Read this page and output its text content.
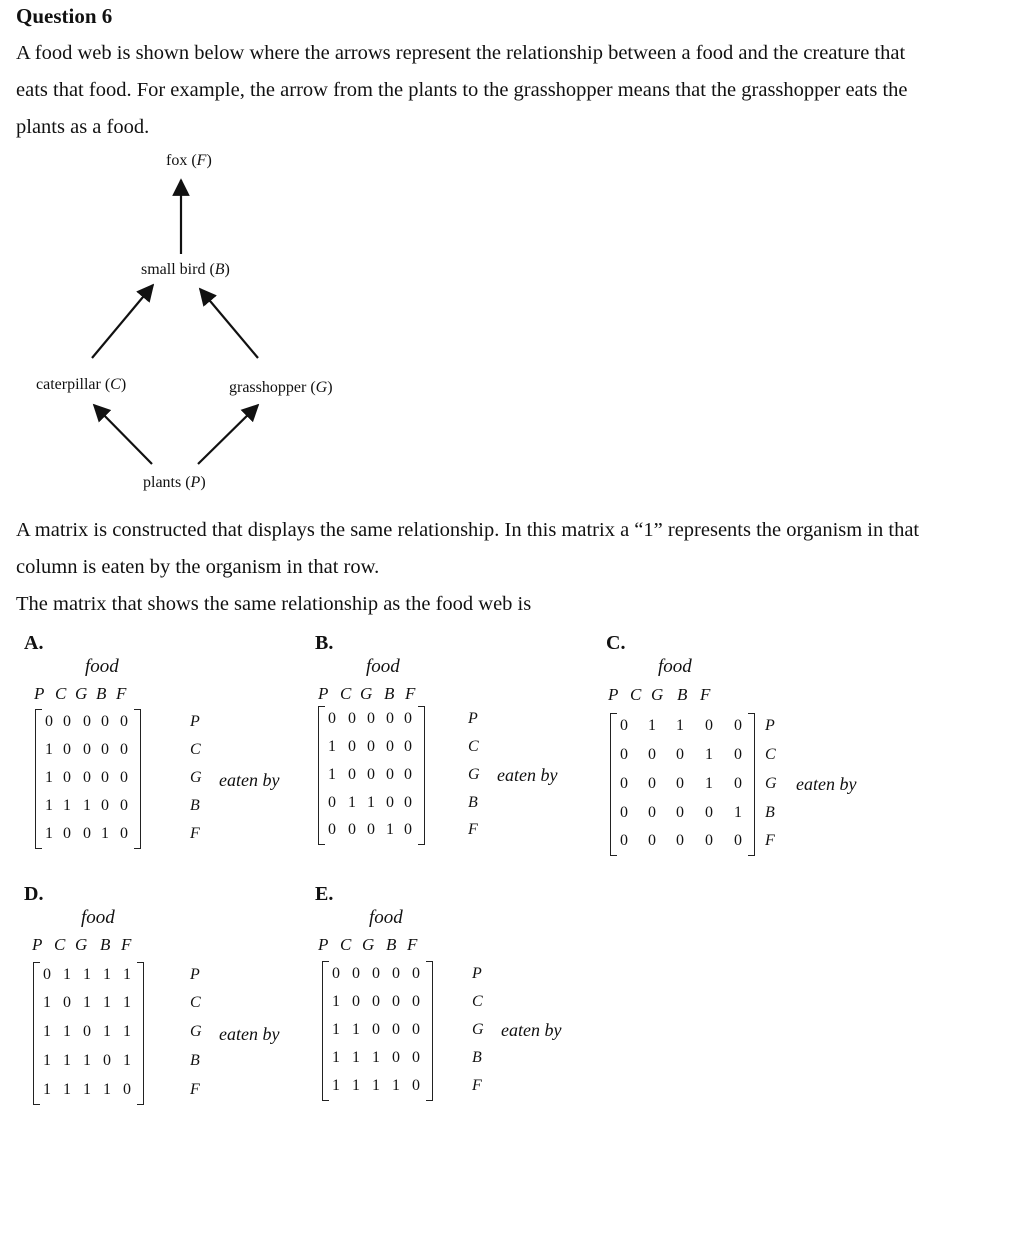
Question 6
A food web is shown below where the arrows represent the relationship between a food and the creature that
eats that food. For example, the arrow from the plants to the grasshopper means that the grasshopper eats the
plants as a food.
fox (F)
small bird (B)
caterpillar (C)	grasshopper (G)
plants (P)
A matrix is constructed that displays the same relationship. In this matrix a “1” represents the organism in that
column is eaten by the organism in that row.
The matrix that shows the same relationship as the food web is
A.
food
P C G B F
0 0 0 0 0	P
1 0 0 0 0	C
1 0 0 0 0	G
1 1 1 0 0	B
1 0 0 1 0	F
eaten by
B.
food
P C G B F
0 0 0 0 0	P
1 0 0 0 0	C
1 0 0 0 0	G
0 1 1 0 0	B
0 0 0 1 0	F
eaten by
C.
food
P C G B F
0 1 1 0 0 P
0 0 0 1 0 C
0 0 0 1 0 G
0 0 0 0 1 B
0 0 0 0 0 F
eaten by
D.
food
P C G B F
0 1 1 1 1	P
1 0 1 1 1	C
1 1 0 1 1	G
1 1 1 0 1	B
1 1 1 1 0	F
eaten by
E.
food
P C G B F
0 0 0 0 0	P
1 0 0 0 0	C
1 1 0 0 0	G
1 1 1 0 0	B
1 1 1 1 0	F
eaten by
